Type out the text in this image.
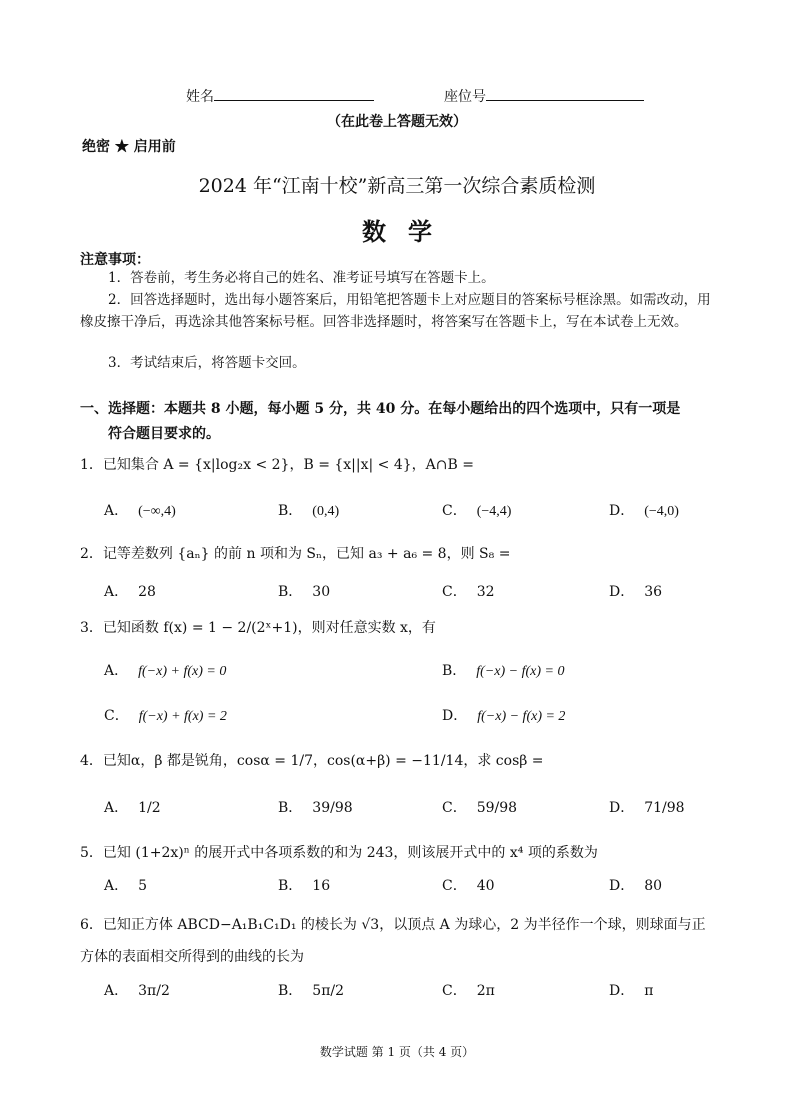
姓名	座位号
（在此卷上答题无效）
绝密 ★ 启用前
2024 年“江南十校”新高三第一次综合素质检测
数学
注意事项：
1．答卷前，考生务必将自己的姓名、准考证号填写在答题卡上。
2．回答选择题时，选出每小题答案后，用铅笔把答题卡上对应题目的答案标号框涂黑。如需改动，用橡皮擦干净后，再选涂其他答案标号框。回答非选择题时，将答案写在答题卡上，写在本试卷上无效。
3．考试结束后，将答题卡交回。
一、选择题：本题共 8 小题，每小题 5 分，共 40 分。在每小题给出的四个选项中，只有一项是
符合题目要求的。
1．已知集合 A = {x|log₂x < 2}，B = {x||x| < 4}，A∩B =
A． (−∞,4)	B． (0,4)	C． (−4,4)	D． (−4,0)
2．记等差数列 {aₙ} 的前 n 项和为 Sₙ，已知 a₃ + a₆ = 8，则 S₈ =
A． 28	B． 30	C． 32	D． 36
3．已知函数 f(x) = 1 − 2/(2ˣ+1)，则对任意实数 x，有
A． f(−x) + f(x) = 0	B． f(−x) − f(x) = 0
C． f(−x) + f(x) = 2	D． f(−x) − f(x) = 2
4．已知α，β 都是锐角，cosα = 1/7，cos(α+β) = −11/14，求 cosβ =
A． 1/2	B． 39/98	C． 59/98	D． 71/98
5．已知 (1+2x)ⁿ 的展开式中各项系数的和为 243，则该展开式中的 x⁴ 项的系数为
A． 5	B． 16	C． 40	D． 80
6．已知正方体 ABCD−A₁B₁C₁D₁ 的棱长为 √3，以顶点 A 为球心，2 为半径作一个球，则球面与正方体的表面相交所得到的曲线的长为
A． 3π/2	B． 5π/2	C． 2π	D． π
数学试题 第 1 页（共 4 页）
